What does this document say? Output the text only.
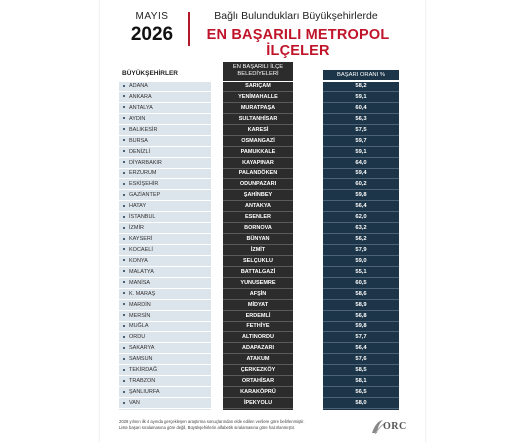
MAYIS
2026
Bağlı Bulundukları Büyükşehirlerde
EN BAŞARILI METROPOL İLÇELER
BÜYÜKŞEHİRLER
EN BAŞARILI İLÇE BELEDİYELERİ	BAŞARI ORANI %
ADANA
ANKARA
ANTALYA
AYDIN
BALIKESİR
BURSA
DENİZLİ
DİYARBAKIR
ERZURUM
ESKİŞEHİR
GAZİANTEP
HATAY
İSTANBUL
İZMİR
KAYSERİ
KOCAELİ
KONYA
MALATYA
MANİSA
K. MARAŞ
MARDİN
MERSİN
MUĞLA
ORDU
SAKARYA
SAMSUN
TEKİRDAĞ
TRABZON
ŞANLIURFA
VAN
SARIÇAM
YENİMAHALLE
MURATPAŞA
SULTANHİSAR
KARESİ
OSMANGAZİ
PAMUKKALE
KAYAPINAR
PALANDÖKEN
ODUNPAZARI
ŞAHİNBEY
ANTAKYA
ESENLER
BORNOVA
BÜNYAN
İZMİT
SELÇUKLU
BATTALGAZİ
YUNUSEMRE
AFŞİN
MİDYAT
ERDEMLİ
FETHİYE
ALTINORDU
ADAPAZARI
ATAKUM
ÇERKEZKÖY
ORTAHİSAR
KARAKÖPRÜ
İPEKYOLU
58,2
59,1
60,4
56,3
57,5
59,7
59,1
64,0
59,4
60,2
59,8
56,4
62,0
63,2
56,2
57,9
59,0
55,1
60,5
58,6
58,9
56,8
59,8
57,7
56,4
57,6
58,5
58,1
56,5
58,0
2026 yılının ilk 4 ayında gerçekleşen araştırma sonuçlarından elde edilen verilere göre belirlenmiştir.
Liste başarı sıralamasına göre değil, Büyükşehirlerin alfabetik sıralamasına göre hazırlanmıştır.	ORC
